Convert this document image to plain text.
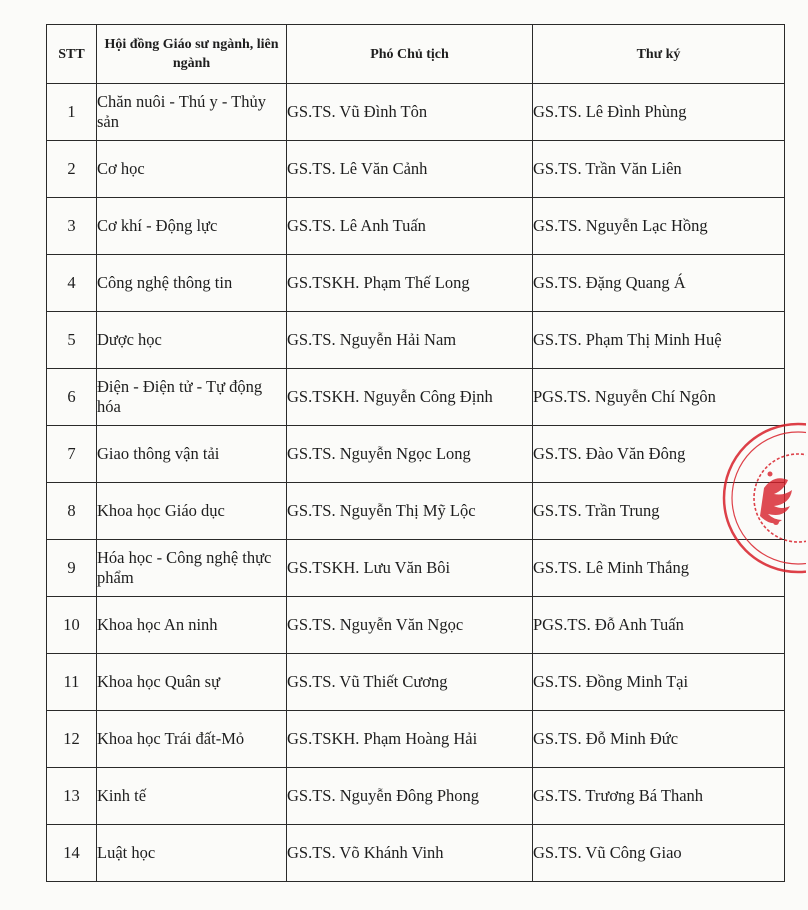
STT	Hội đồng Giáo sư ngành, liên ngành	Phó Chủ tịch	Thư ký
1	Chăn nuôi - Thú y - Thủy sản	GS.TS. Vũ Đình Tôn	GS.TS. Lê Đình Phùng
2	Cơ học	GS.TS. Lê Văn Cảnh	GS.TS. Trần Văn Liên
3	Cơ khí - Động lực	GS.TS. Lê Anh Tuấn	GS.TS. Nguyễn Lạc Hồng
4	Công nghệ thông tin	GS.TSKH. Phạm Thế Long	GS.TS. Đặng Quang Á
5	Dược học	GS.TS. Nguyễn Hải Nam	GS.TS. Phạm Thị Minh Huệ
6	Điện - Điện tử - Tự động hóa	GS.TSKH. Nguyễn Công Định	PGS.TS. Nguyễn Chí Ngôn
7	Giao thông vận tải	GS.TS. Nguyễn Ngọc Long	GS.TS. Đào Văn Đông
8	Khoa học Giáo dục	GS.TS. Nguyễn Thị Mỹ Lộc	GS.TS. Trần Trung
9	Hóa học - Công nghệ thực phẩm	GS.TSKH. Lưu Văn Bôi	GS.TS. Lê Minh Thắng
10	Khoa học An ninh	GS.TS. Nguyễn Văn Ngọc	PGS.TS. Đỗ Anh Tuấn
11	Khoa học Quân sự	GS.TS. Vũ Thiết Cương	GS.TS. Đồng Minh Tại
12	Khoa học Trái đất-Mỏ	GS.TSKH. Phạm Hoàng Hải	GS.TS. Đỗ Minh Đức
13	Kinh tế	GS.TS. Nguyễn Đông Phong	GS.TS. Trương Bá Thanh
14	Luật học	GS.TS. Võ Khánh Vinh	GS.TS. Vũ Công Giao
